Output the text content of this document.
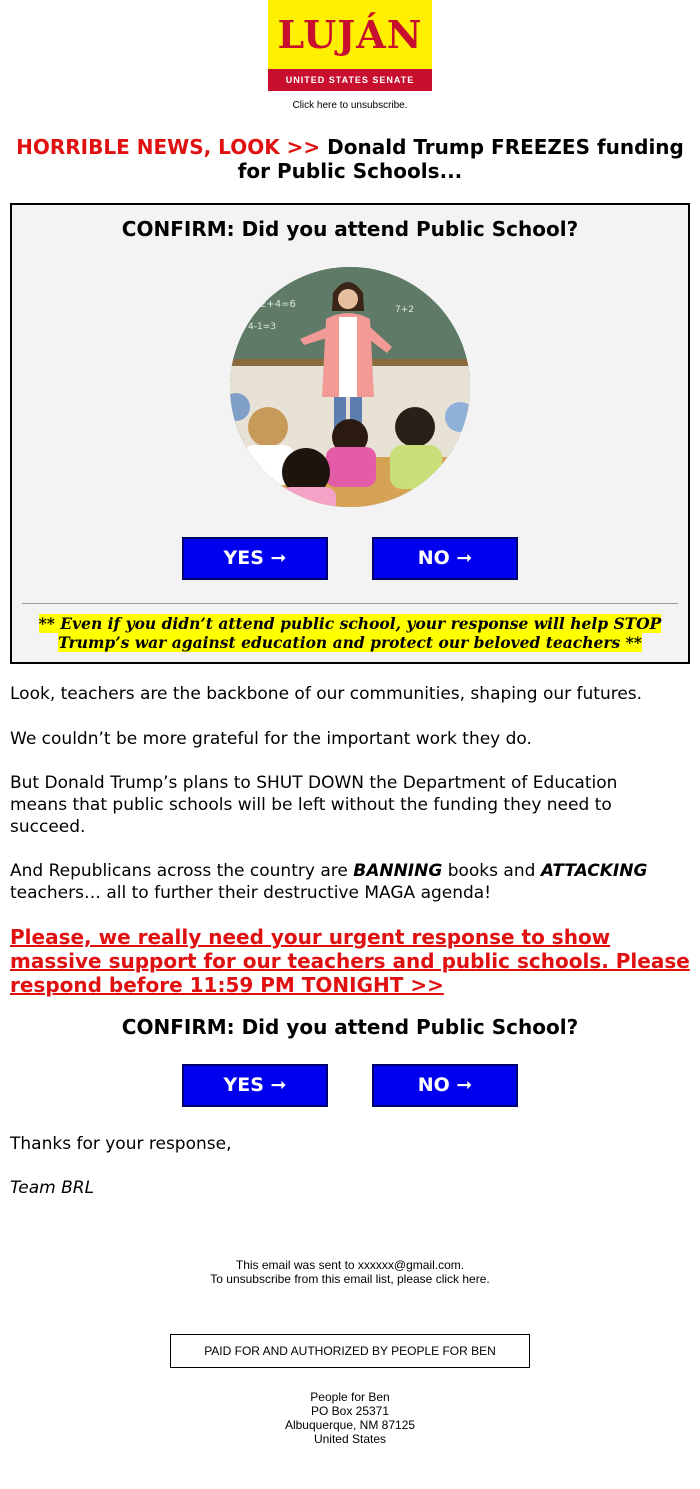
LUJÁN
UNITED STATES SENATE
Click here to unsubscribe.

HORRIBLE NEWS, LOOK >> Donald Trump FREEZES funding for Public Schools...

CONFIRM: Did you attend Public School?

2+4=6
4-1=3
7+2
YES ➞	NO ➞

** Even if you didn’t attend public school, your response will help STOP Trump’s war against education and protect our beloved teachers **

Look, teachers are the backbone of our communities, shaping our futures.

We couldn’t be more grateful for the important work they do.

But Donald Trump’s plans to SHUT DOWN the Department of Education means that public schools will be left without the funding they need to succeed.

And Republicans across the country are BANNING books and ATTACKING teachers… all to further their destructive MAGA agenda!

Please, we really need your urgent response to show massive support for our teachers and public schools. Please respond before 11:59 PM TONIGHT >>

CONFIRM: Did you attend Public School?

YES ➞	NO ➞

Thanks for your response,

Team BRL

This email was sent to xxxxxx@gmail.com.
To unsubscribe from this email list, please click here.
PAID FOR AND AUTHORIZED BY PEOPLE FOR BEN
People for Ben
PO Box 25371
Albuquerque, NM 87125
United States
